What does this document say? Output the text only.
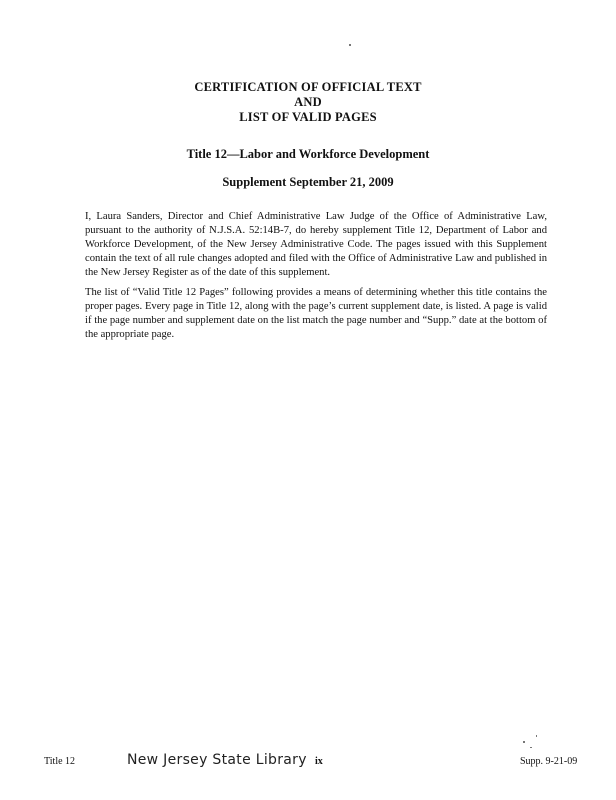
CERTIFICATION OF OFFICIAL TEXT
AND
LIST OF VALID PAGES
Title 12—Labor and Workforce Development
Supplement September 21, 2009

I, Laura Sanders, Director and Chief Administrative Law Judge of the Office of Administrative Law, pursuant to the authority of N.J.S.A. 52:14B-7, do hereby supplement Title 12, Department of Labor and Workforce Development, of the New Jersey Administrative Code. The pages issued with this Supplement contain the text of all rule changes adopted and filed with the Office of Administrative Law and published in the New Jersey Register as of the date of this supplement.

The list of “Valid Title 12 Pages” following provides a means of determining whether this title contains the proper pages. Every page in Title 12, along with the page’s current supplement date, is listed. A page is valid if the page number and supplement date on the list match the page number and “Supp.” date at the bottom of the appropriate page.

Title 12	New Jersey State Library ix	Supp. 9-21-09
